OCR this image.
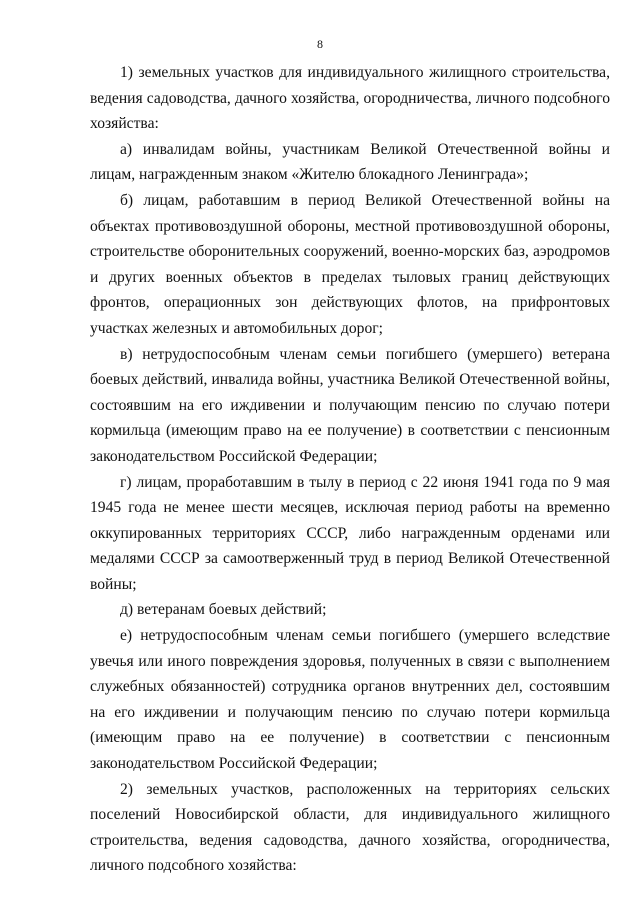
8

1) земельных участков для индивидуального жилищного строительства, ведения садоводства, дачного хозяйства, огородничества, личного подсобного хозяйства:

а) инвалидам войны, участникам Великой Отечественной войны и лицам, награжденным знаком «Жителю блокадного Ленинграда»;

б) лицам, работавшим в период Великой Отечественной войны на объектах противовоздушной обороны, местной противовоздушной обороны, строительстве оборонительных сооружений, военно-морских баз, аэродромов и других военных объектов в пределах тыловых границ действующих фронтов, операционных зон действующих флотов, на прифронтовых участках железных и автомобильных дорог;

в) нетрудоспособным членам семьи погибшего (умершего) ветерана боевых действий, инвалида войны, участника Великой Отечественной войны, состоявшим на его иждивении и получающим пенсию по случаю потери кормильца (имеющим право на ее получение) в соответствии с пенсионным законодательством Российской Федерации;

г) лицам, проработавшим в тылу в период с 22 июня 1941 года по 9 мая 1945 года не менее шести месяцев, исключая период работы на временно оккупированных территориях СССР, либо награжденным орденами или медалями СССР за самоотверженный труд в период Великой Отечественной войны;

д) ветеранам боевых действий;

е) нетрудоспособным членам семьи погибшего (умершего вследствие увечья или иного повреждения здоровья, полученных в связи с выполнением служебных обязанностей) сотрудника органов внутренних дел, состоявшим на его иждивении и получающим пенсию по случаю потери кормильца (имеющим право на ее получение) в соответствии с пенсионным законодательством Российской Федерации;

2) земельных участков, расположенных на территориях сельских поселений Новосибирской области, для индивидуального жилищного строительства, ведения садоводства, дачного хозяйства, огородничества, личного подсобного хозяйства:
